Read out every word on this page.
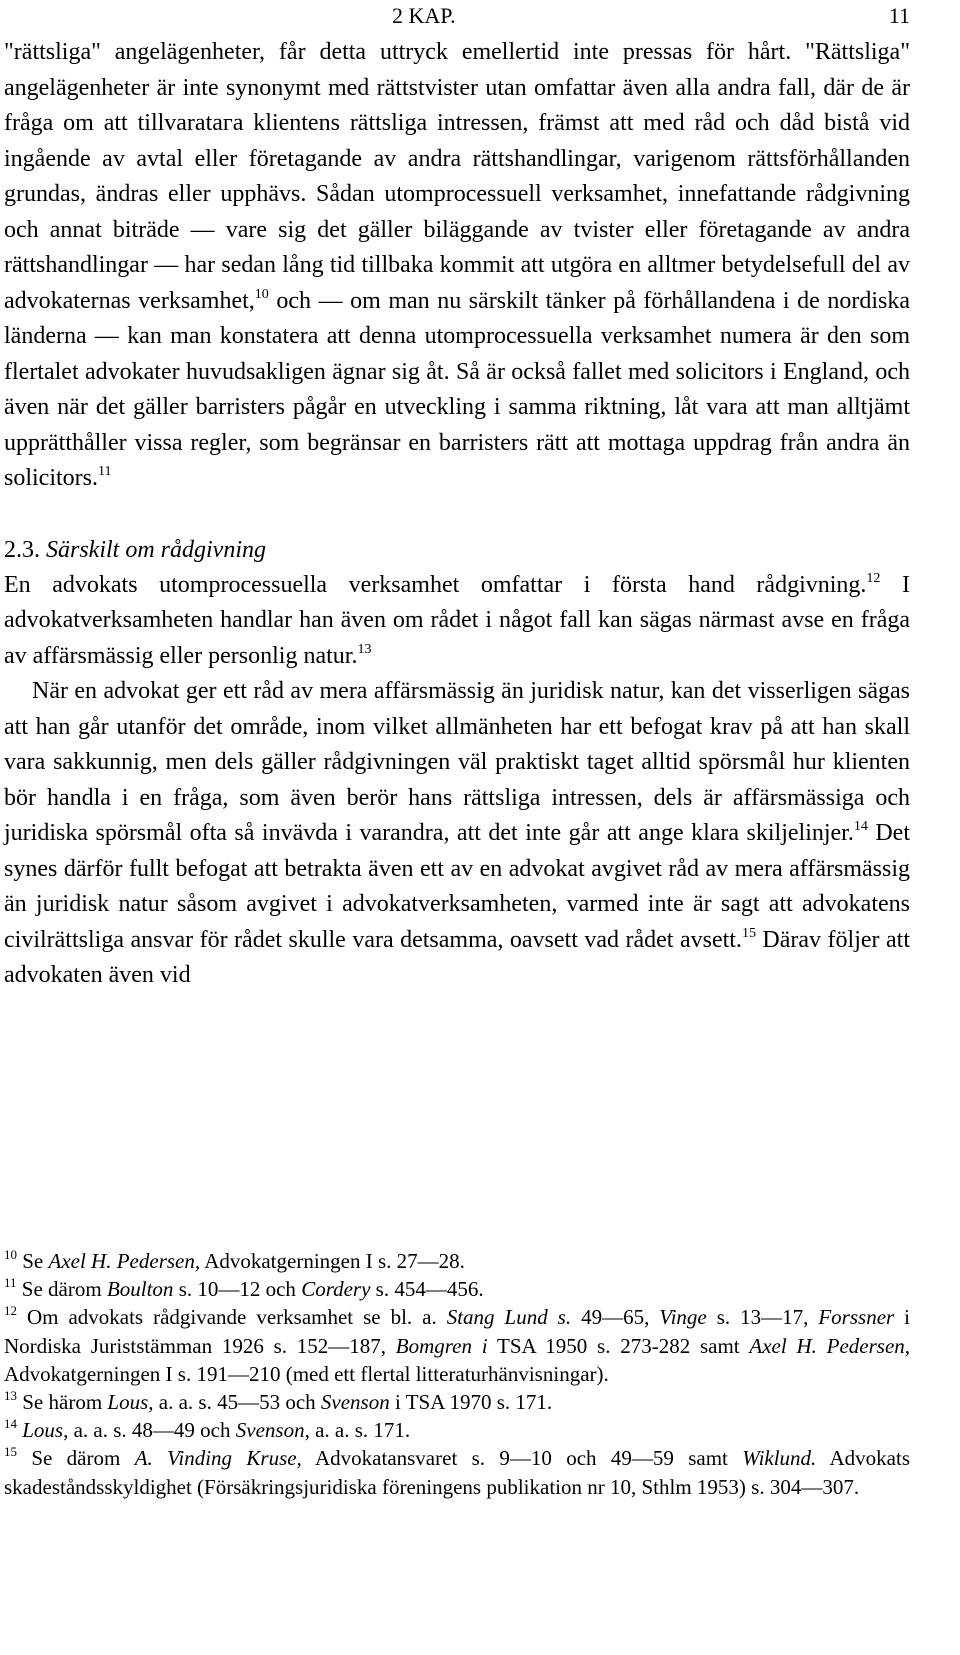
2 KAP.	11

"rättsliga" angelägenheter, får detta uttryck emellertid inte pressas för hårt. "Rättsliga" angelägenheter är inte synonymt med rättstvister utan omfattar även alla andra fall, där de är fråga om att tillvaratага klientens rättsliga intressen, främst att med råd och dåd bistå vid ingående av avtal eller företagande av andra rättshandlingar, varigenom rättsförhållanden grundas, ändras eller upphävs. Sådan utomprocessuell verksamhet, innefattande rådgivning och annat biträde — vare sig det gäller biläggande av tvister eller företagande av andra rättshandlingar — har sedan lång tid tillbaka kommit att utgöra en alltmer betydelsefull del av advokaternas verksamhet,$^{10}$ och — om man nu särskilt tänker på förhållandena i de nordiska länderna — kan man konstatera att denna utomprocessuella verksamhet numera är den som flertalet advokater huvudsakligen ägnar sig åt. Så är också fallet med solicitors i England, och även när det gäller barristers pågår en utveckling i samma riktning, låt vara att man alltjämt upprätthåller vissa regler, som begränsar en barristers rätt att mottaga uppdrag från andra än solicitors.$^{11}$

2.3. Särskilt om rådgivning

En advokats utomprocessuella verksamhet omfattar i första hand rådgivning.$^{12}$ I advokatverksamheten handlar han även om rådet i något fall kan sägas närmast avse en fråga av affärsmässig eller personlig natur.$^{13}$

När en advokat ger ett råd av mera affärsmässig än juridisk natur, kan det visserligen sägas att han går utanför det område, inom vilket allmänheten har ett befogat krav på att han skall vara sakkunnig, men dels gäller rådgivningen väl praktiskt taget alltid spörsmål hur klienten bör handla i en fråga, som även berör hans rättsliga intressen, dels är affärsmässiga och juridiska spörsmål ofta så invävda i varandra, att det inte går att ange klara skiljelinjer.$^{14}$ Det synes därför fullt befogat att betrakta även ett av en advokat avgivet råd av mera affärsmässig än juridisk natur såsom avgivet i advokatverksamheten, varmed inte är sagt att advokatens civilrättsliga ansvar för rådet skulle vara detsamma, oavsett vad rådet avsett.$^{15}$ Därav följer att advokaten även vid

$^{10}$ Se Axel H. Pedersen, Advokatgerningen I s. 27—28.

$^{11}$ Se därom Boulton s. 10—12 och Cordery s. 454—456.

$^{12}$ Om advokats rådgivande verksamhet se bl. a. Stang Lund s. 49—65, Vinge s. 13—17, Forssner i Nordiska Juriststämman 1926 s. 152—187, Bomgren i TSA 1950 s. 273-282 samt Axel H. Pedersen, Advokatgerningen I s. 191—210 (med ett flertal litteraturhänvisningar).

$^{13}$ Se härom Lous, a. a. s. 45—53 och Svenson i TSA 1970 s. 171.

$^{14}$ Lous, a. a. s. 48—49 och Svenson, a. a. s. 171.

$^{15}$ Se därom A. Vinding Kruse, Advokatansvaret s. 9—10 och 49—59 samt Wiklund. Advokats skadeståndsskyldighet (Försäkringsjuridiska föreningens publikation nr 10, Sthlm 1953) s. 304—307.
